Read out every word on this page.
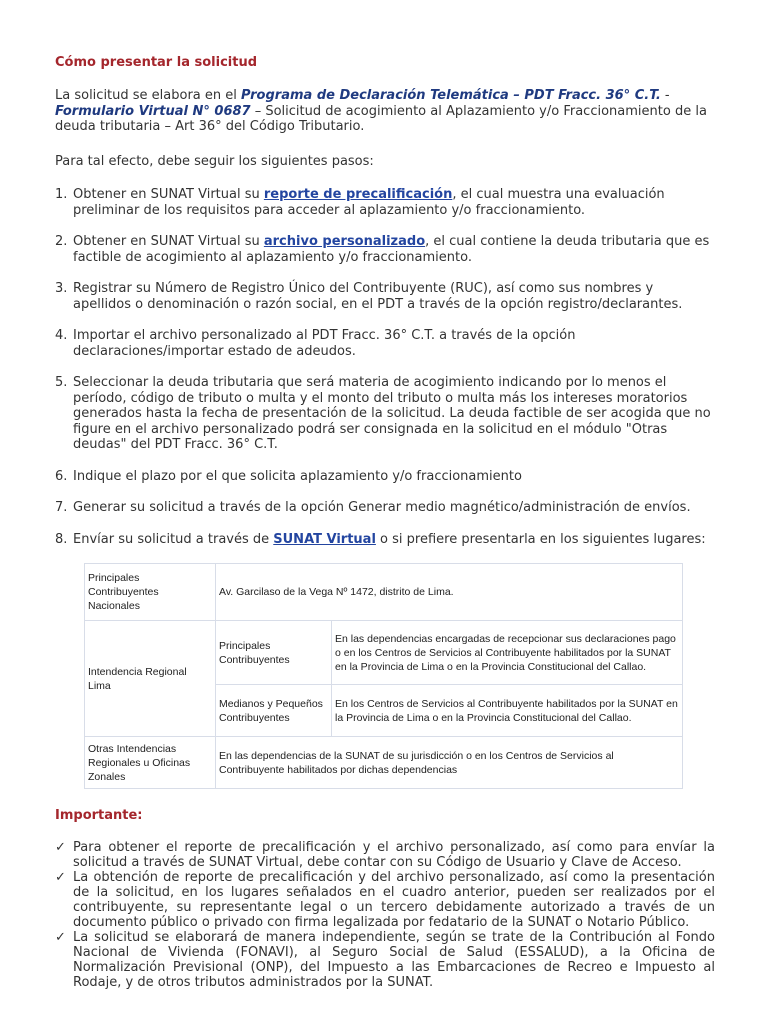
Cómo presentar la solicitud

La solicitud se elabora en el Programa de Declaración Telemática – PDT Fracc. 36° C.T. - Formulario Virtual N° 0687 – Solicitud de acogimiento al Aplazamiento y/o Fraccionamiento de la deuda tributaria – Art 36° del Código Tributario.

Para tal efecto, debe seguir los siguientes pasos:

1. Obtener en SUNAT Virtual su reporte de precalificación, el cual muestra una evaluación preliminar de los requisitos para acceder al aplazamiento y/o fraccionamiento.
2. Obtener en SUNAT Virtual su archivo personalizado, el cual contiene la deuda tributaria que es factible de acogimiento al aplazamiento y/o fraccionamiento.
3. Registrar su Número de Registro Único del Contribuyente (RUC), así como sus nombres y apellidos o denominación o razón social, en el PDT a través de la opción registro/declarantes.
4. Importar el archivo personalizado al PDT Fracc. 36° C.T. a través de la opción declaraciones/importar estado de adeudos.
5. Seleccionar la deuda tributaria que será materia de acogimiento indicando por lo menos el período, código de tributo o multa y el monto del tributo o multa más los intereses moratorios generados hasta la fecha de presentación de la solicitud. La deuda factible de ser acogida que no figure en el archivo personalizado podrá ser consignada en la solicitud en el módulo "Otras deudas" del PDT Fracc. 36° C.T.
6. Indique el plazo por el que solicita aplazamiento y/o fraccionamiento
7. Generar su solicitud a través de la opción Generar medio magnético/administración de envíos.
8. Envíar su solicitud a través de SUNAT Virtual o si prefiere presentarla en los siguientes lugares:
Principales Contribuyentes Nacionales	Av. Garcilaso de la Vega Nº 1472, distrito de Lima.	
Intendencia Regional Lima	Principales Contribuyentes	En las dependencias encargadas de recepcionar sus declaraciones pago o en los Centros de Servicios al Contribuyente habilitados por la SUNAT en la Provincia de Lima o en la Provincia Constitucional del Callao.
	Medianos y Pequeños Contribuyentes	En los Centros de Servicios al Contribuyente habilitados por la SUNAT en la Provincia de Lima o en la Provincia Constitucional del Callao.
Otras Intendencias Regionales u Oficinas Zonales	En las dependencias de la SUNAT de su jurisdicción o en los Centros de Servicios al Contribuyente habilitados por dichas dependencias	
Importante:
✓ Para obtener el reporte de precalificación y el archivo personalizado, así como para envíar la solicitud a través de SUNAT Virtual, debe contar con su Código de Usuario y Clave de Acceso.
✓ La obtención de reporte de precalificación y del archivo personalizado, así como la presentación de la solicitud, en los lugares señalados en el cuadro anterior, pueden ser realizados por el contribuyente, su representante legal o un tercero debidamente autorizado a través de un documento público o privado con firma legalizada por fedatario de la SUNAT o Notario Público.
✓ La solicitud se elaborará de manera independiente, según se trate de la Contribución al Fondo Nacional de Vivienda (FONAVI), al Seguro Social de Salud (ESSALUD), a la Oficina de Normalización Previsional (ONP), del Impuesto a las Embarcaciones de Recreo e Impuesto al Rodaje, y de otros tributos administrados por la SUNAT.
